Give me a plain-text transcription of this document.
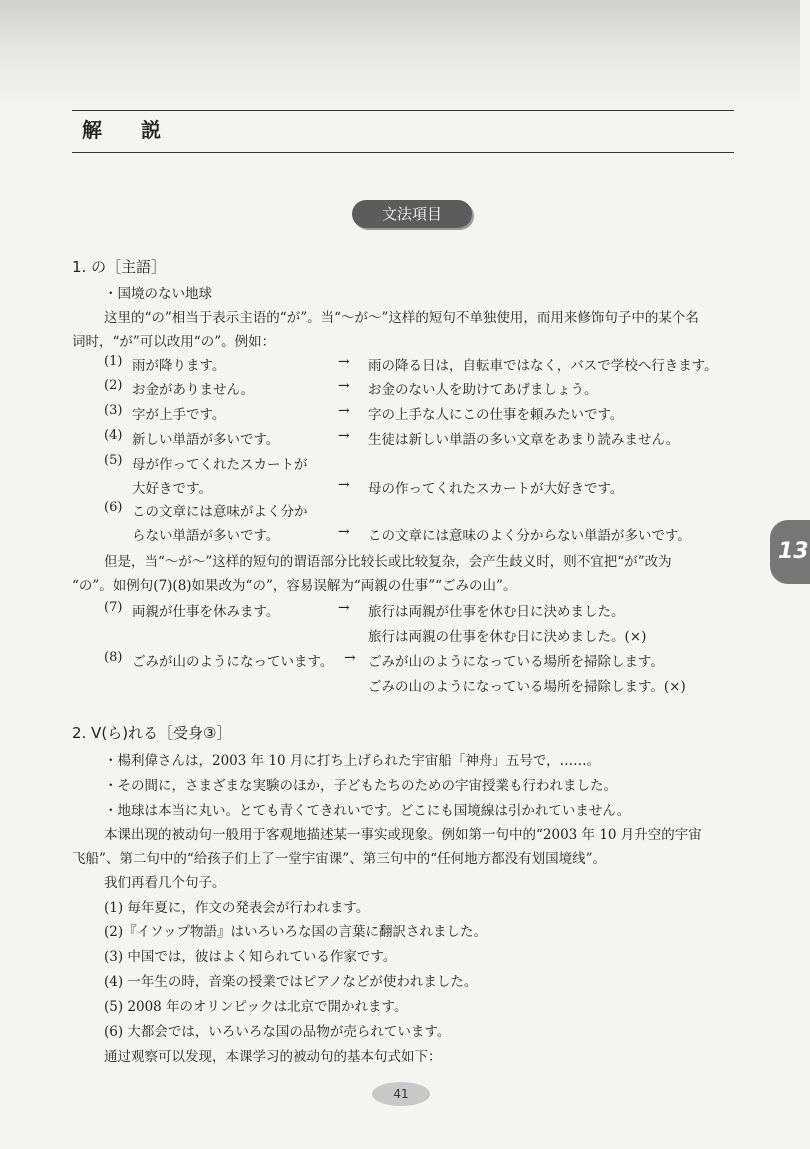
解 説
文法項目
1. の［主語］
・国境のない地球
这里的“の”相当于表示主语的“が”。当“～が～”这样的短句不单独使用，而用来修饰句子中的某个名
词时，“が”可以改用“の”。例如：
(1) 雨が降ります。	→ 雨の降る日は，自転車ではなく，バスで学校へ行きます。
(2) お金がありません。	→ お金のない人を助けてあげましょう。
(3) 字が上手です。	→ 字の上手な人にこの仕事を頼みたいです。
(4) 新しい単語が多いです。	→ 生徒は新しい単語の多い文章をあまり読みません。
(5) 母が作ってくれたスカートが
大好きです。	→ 母の作ってくれたスカートが大好きです。
(6) この文章には意味がよく分か
らない単語が多いです。	→ この文章には意味のよく分からない単語が多いです。
但是，当“～が～”这样的短句的谓语部分比较长或比较复杂，会产生歧义时，则不宜把“が”改为
“の”。如例句(7)(8)如果改为“の”，容易误解为“両親の仕事”“ごみの山”。
(7) 両親が仕事を休みます。	→ 旅行は両親が仕事を休む日に決めました。
旅行は両親の仕事を休む日に決めました。(×)
(8) ごみが山のようになっています。 → ごみが山のようになっている場所を掃除します。
ごみの山のようになっている場所を掃除します。(×)
2. V(ら)れる［受身③］
・楊利偉さんは，2003 年 10 月に打ち上げられた宇宙船「神舟」五号で，……。
・その間に，さまざまな実験のほか，子どもたちのための宇宙授業も行われました。
・地球は本当に丸い。とても青くてきれいです。どこにも国境線は引かれていません。
本课出现的被动句一般用于客观地描述某一事实或现象。例如第一句中的“2003 年 10 月升空的宇宙
飞船”、第二句中的“给孩子们上了一堂宇宙课”、第三句中的“任何地方都没有划国境线”。
我们再看几个句子。
(1) 毎年夏に，作文の発表会が行われます。
(2)『イソップ物語』はいろいろな国の言葉に翻訳されました。
(3) 中国では，彼はよく知られている作家です。
(4) 一年生の時，音楽の授業ではピアノなどが使われました。
(5) 2008 年のオリンピックは北京で開かれます。
(6) 大都会では，いろいろな国の品物が売られています。
通过观察可以发现，本课学习的被动句的基本句式如下：
13
41
